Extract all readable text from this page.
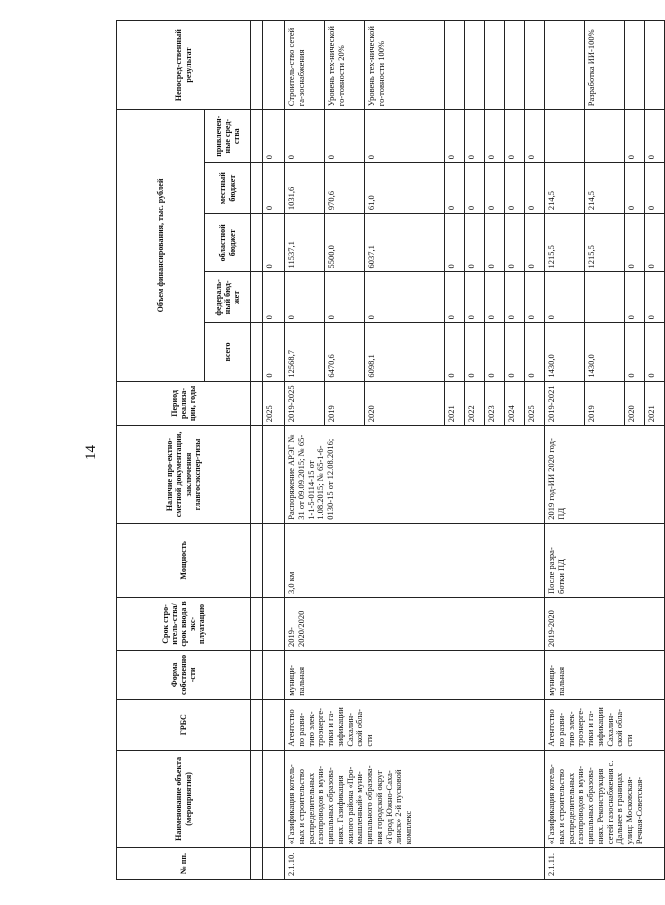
14
№ пп.	Наименование объекта (мероприятия)	ГРБС	Форма собственно-сти	Срок стро-итель-ства/срок ввода в экс-плуатацию	Мощность	Наличие про-ектно-сметной документации, заключения главгосэкспер-тизы	Период реализа-ции, годы	Объем финансирования, тыс. рублей					Непосред-ственный результат
								всего	федераль-ный бюд-жет	областной бюджет	местный бюджет	привлечен-ные сред-ства	

							2025	0	0	0	0	0	
2.1.10.	«Газификация котель-ных и строительство распределительных газопроводов в муни-ципальных образова-ниях. Газификация жилого района «Про-мышленный» муни-ципального образова-ния городской округ «Город Южно-Саха-линск» 2-й пусковой комплекс	Агентство по разви-тию элек-троэнерге-тики и га-зификации Сахалин-ской обла-сти	муници-пальная	2019-2020/2020	3,0 км	Распоряжение АРЭГ № 31 от 09.09.2015; № 65-1-1-5-0114-15 от 1.08.2015; № 65-1-6-0130-15 от 12.08.2016;	2019-2025	12568,7	0	11537,1	1031,6	0	Строитель-ство сетей га-зоснабжения
							2019	6470,6	0	5500,0	970,6	0	Уровень тех-нической го-товности 20%
							2020	6098,1	0	6037,1	61,0	0	Уровень тех-нической го-товности 100%
							2021	0	0	0	0	0	
							2022	0	0	0	0	0	
							2023	0	0	0	0	0	
							2024	0	0	0	0	0	
							2025	0	0	0	0	0	
2.1.11.	«Газификация котель-ных и строительство распределительных газопроводов в муни-ципальных образова-ниях. Реконструкция сетей газоснабжения с. Дальнее в границах улиц: Московская-Речная-Советская-	Агентство по разви-тию элек-троэнерге-тики и га-зификации Сахалин-ской обла-сти	муници-пальная	2019-2020	После разра-ботки ПД	2019 год-ИИ 2020 год- ПД	2019-2021	1430,0	0	1215,5	214,5		
							2019	1430,0		1215,5	214,5		Разработка ИИ-100%
							2020	0	0	0	0	0	
							2021	0	0	0	0	0	
